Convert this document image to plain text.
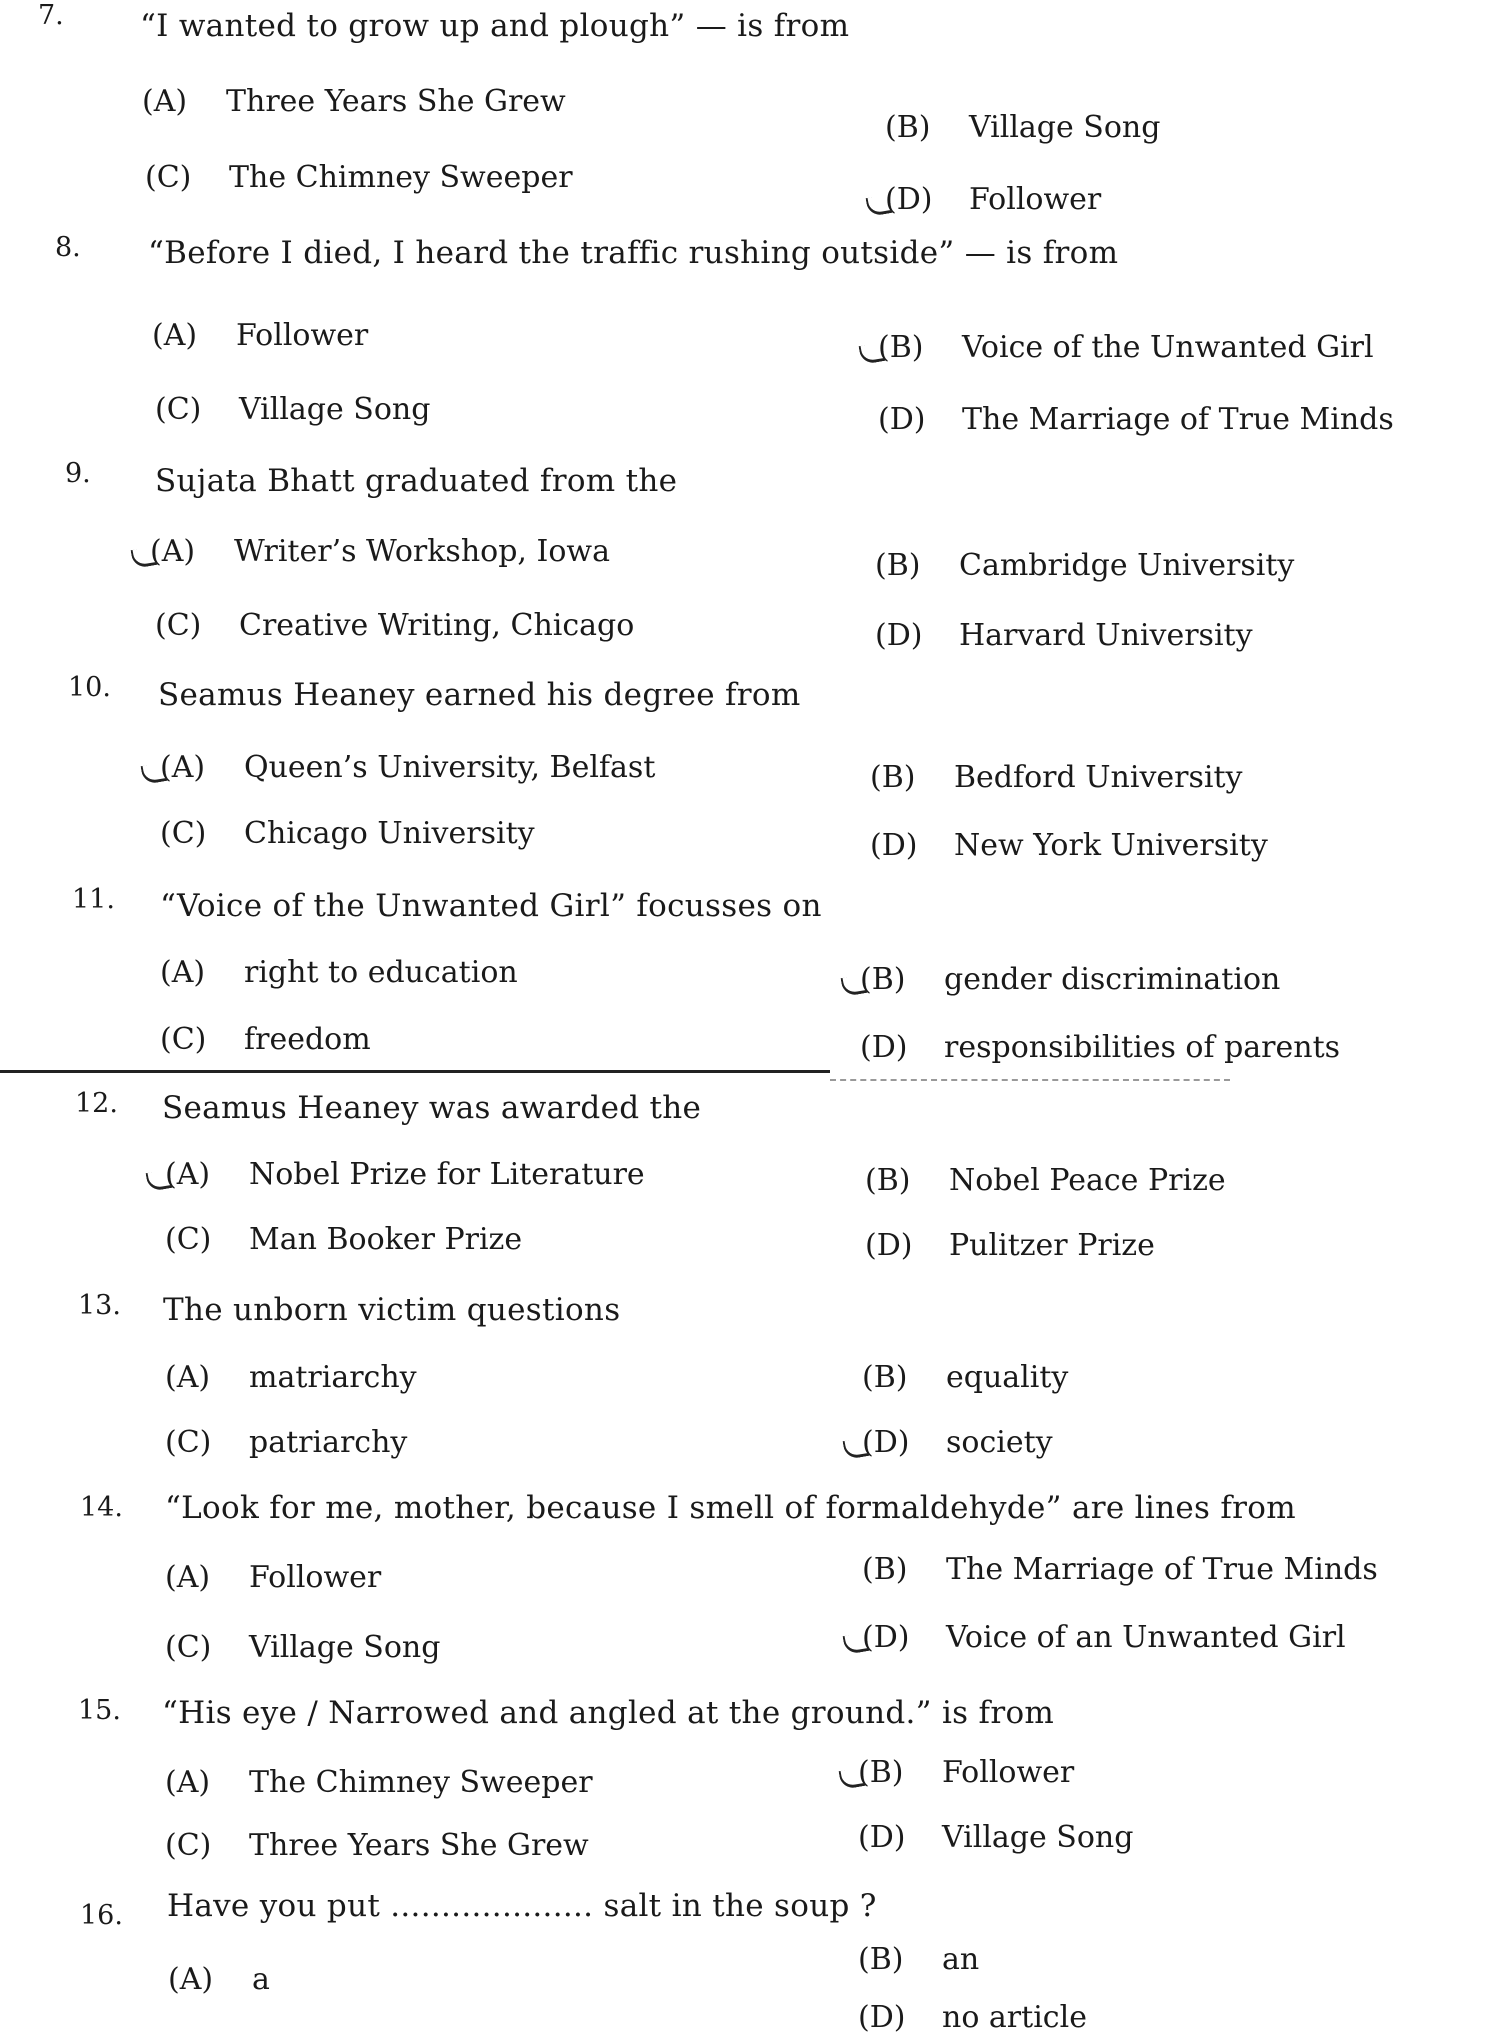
7. “I wanted to grow up and plough” — is from
(A) Three Years She Grew
(B) Village Song
(C) The Chimney Sweeper
(D) Follower
8. “Before I died, I heard the traffic rushing outside” — is from
(A) Follower	(B) Voice of the Unwanted Girl
(C) Village Song	(D) The Marriage of True Minds
9. Sujata Bhatt graduated from the
(A) Writer’s Workshop, Iowa	(B) Cambridge University
(C) Creative Writing, Chicago	(D) Harvard University
10. Seamus Heaney earned his degree from
(A) Queen’s University, Belfast	(B) Bedford University
(C) Chicago University	(D) New York University
11. “Voice of the Unwanted Girl” focusses on
(A) right to education	(B) gender discrimination
(C) freedom	(D) responsibilities of parents
12. Seamus Heaney was awarded the
(A) Nobel Prize for Literature	(B) Nobel Peace Prize
(C) Man Booker Prize	(D) Pulitzer Prize
13. The unborn victim questions
(A) matriarchy	(B) equality
(C) patriarchy	(D) society
14. “Look for me, mother, because I smell of formaldehyde” are lines from
(A) Follower	(B) The Marriage of True Minds
(C) Village Song	(D) Voice of an Unwanted Girl
15. “His eye / Narrowed and angled at the ground.” is from
(A) The Chimney Sweeper	(B) Follower
(C) Three Years She Grew	(D) Village Song
16. Have you put .................... salt in the soup ?
(A) a
(B) an
(D) no article
